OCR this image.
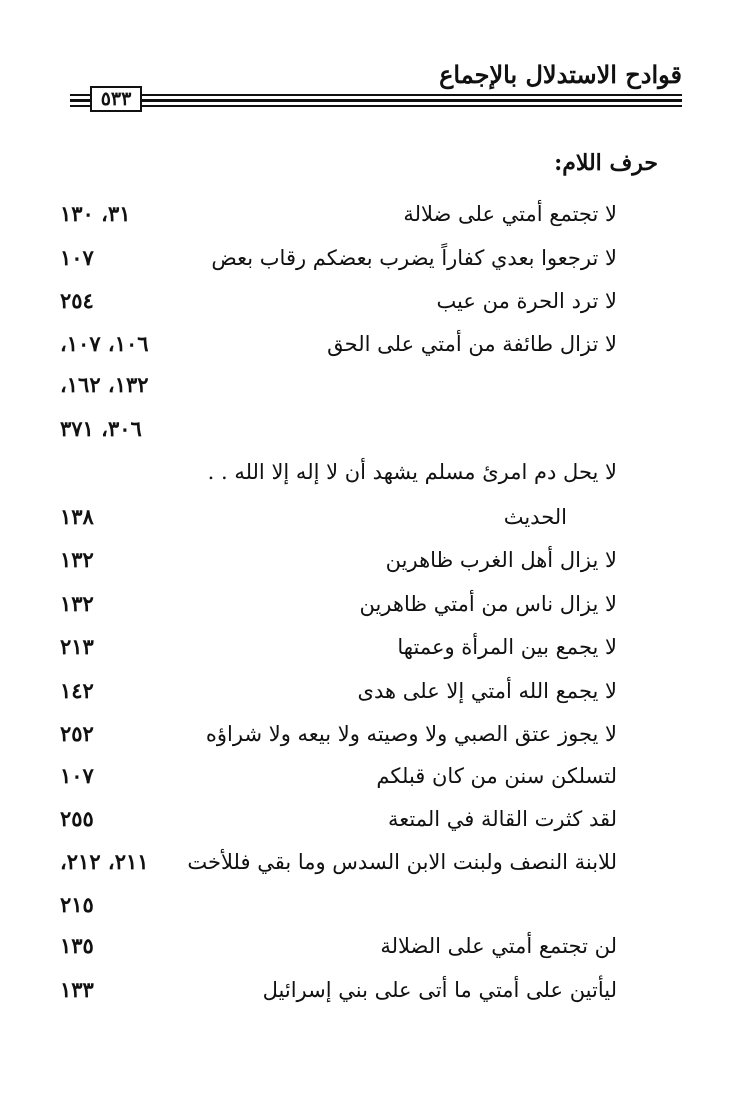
قوادح الاستدلال بالإجماع
٥٣٣
حرف اللام:
لا تجتمع أمتي على ضلالة
٣١، ١٣٠
لا ترجعوا بعدي كفاراً يضرب بعضكم رقاب بعض
١٠٧
لا ترد الحرة من عيب
٢٥٤
لا تزال طائفة من أمتي على الحق
١٠٦، ١٠٧،
١٣٢، ١٦٢،
٣٠٦، ٣٧١
لا يحل دم امرئ مسلم يشهد أن لا إله إلا الله . .
الحديث
١٣٨
لا يزال أهل الغرب ظاهرين
١٣٢
لا يزال ناس من أمتي ظاهرين
١٣٢
لا يجمع بين المرأة وعمتها
٢١٣
لا يجمع الله أمتي إلا على هدى
١٤٢
لا يجوز عتق الصبي ولا وصيته ولا بيعه ولا شراؤه
٢٥٢
لتسلكن سنن من كان قبلكم
١٠٧
لقد كثرت القالة في المتعة
٢٥٥
للابنة النصف ولبنت الابن السدس وما بقي فللأخت
٢١١، ٢١٢،
٢١٥
لن تجتمع أمتي على الضلالة
١٣٥
ليأتين على أمتي ما أتى على بني إسرائيل
١٣٣
